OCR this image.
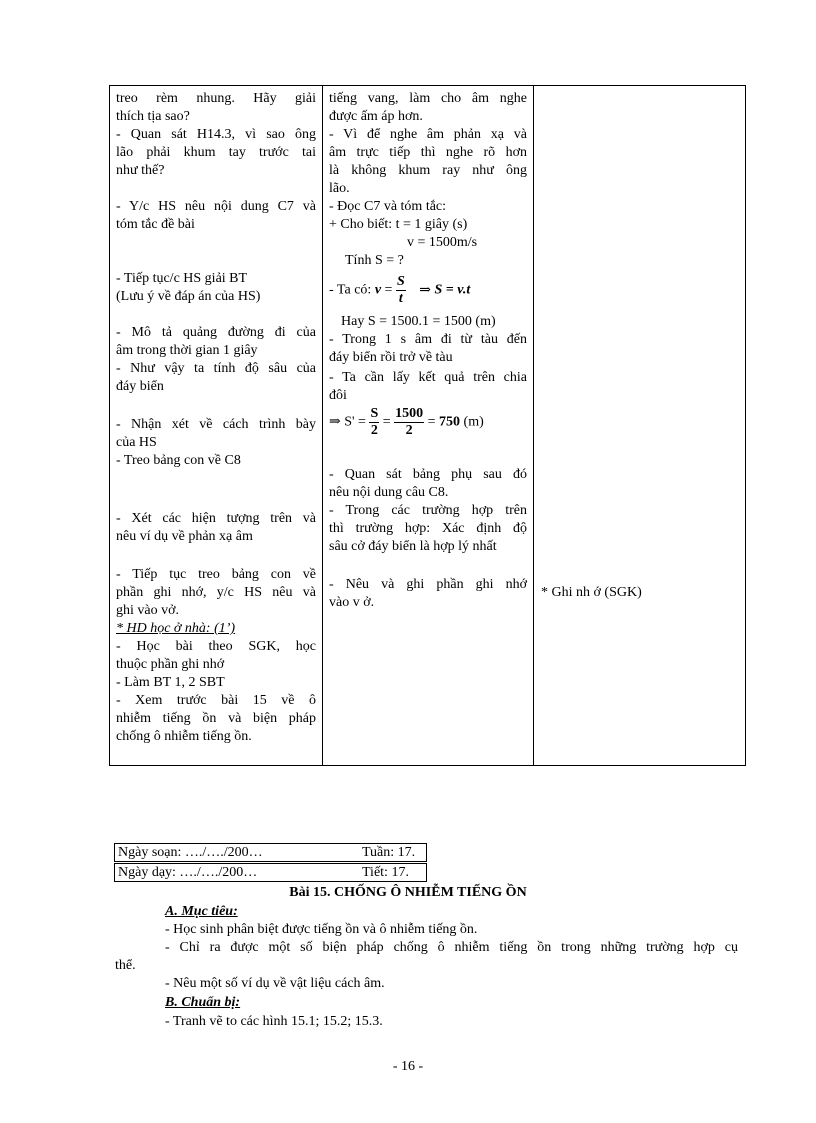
treo rèm nhung. Hãy giải
thích tịa sao?
- Quan sát H14.3, vì sao ông
lão phải khum tay trước tai
như thế?
- Y/c HS nêu nội dung C7 và
tóm tắc đề bài
- Tiếp tục/c HS giải BT
(Lưu ý về đáp án của HS)
- Mô tả quảng đường đi của
âm trong thời gian 1 giây
- Như vậy ta tính độ sâu của
đáy biển
- Nhận xét về cách trình bày
của HS
- Treo bảng con về C8
- Xét các hiện tượng trên và
nêu ví dụ về phản xạ âm
- Tiếp tục treo bảng con về
phần ghi nhớ, y/c HS nêu và
ghi vào vở.
* HD học ở nhà: (1’)
- Học bài theo SGK, học
thuộc phần ghi nhớ
- Làm BT 1, 2 SBT
- Xem trước bài 15 về ô
nhiễm tiếng ồn và biện pháp
chống ô nhiễm tiếng ồn.
tiếng vang, làm cho âm nghe
được ấm áp hơn.
- Vì để nghe âm phản xạ và
âm trực tiếp thì nghe rõ hơn
là không khum ray như ông
lão.
- Đọc C7 và tóm tắc:
+ Cho biết: t = 1 giây (s)
v = 1500m/s
Tính S = ?
- Ta có: $v = \frac{S}{t}$ ⇒ S = v.t
Hay S = 1500.1 = 1500 (m)
- Trong 1 s âm đi từ tàu đến
đáy biển rồi trở về tàu
- Ta cần lấy kết quả trên chia
đôi
⇒ $S' = \frac{S}{2} = \frac{1500}{2} = 750$ (m)
- Quan sát bảng phụ sau đó
nêu nội dung câu C8.
- Trong các trường hợp trên
thì trường hợp: Xác định độ
sâu cở đáy biển là hợp lý nhất
- Nêu và ghi phần ghi nhớ
vào v ở.
* Ghi nh ớ (SGK)
Ngày soạn: …./…./200…	Tuần: 17.
Ngày dạy: …./…./200…	Tiết: 17.
Bài 15. CHỐNG Ô NHIỄM TIẾNG ỒN
A. Mục tiêu:
- Học sinh phân biệt được tiếng ồn và ô nhiễm tiếng ồn.
- Chỉ ra được một số biện pháp chống ô nhiễm tiếng ồn trong những trường hợp cụ
thể.
- Nêu một số ví dụ về vật liệu cách âm.
B. Chuẩn bị:
- Tranh vẽ to các hình 15.1; 15.2; 15.3.
- 16 -
